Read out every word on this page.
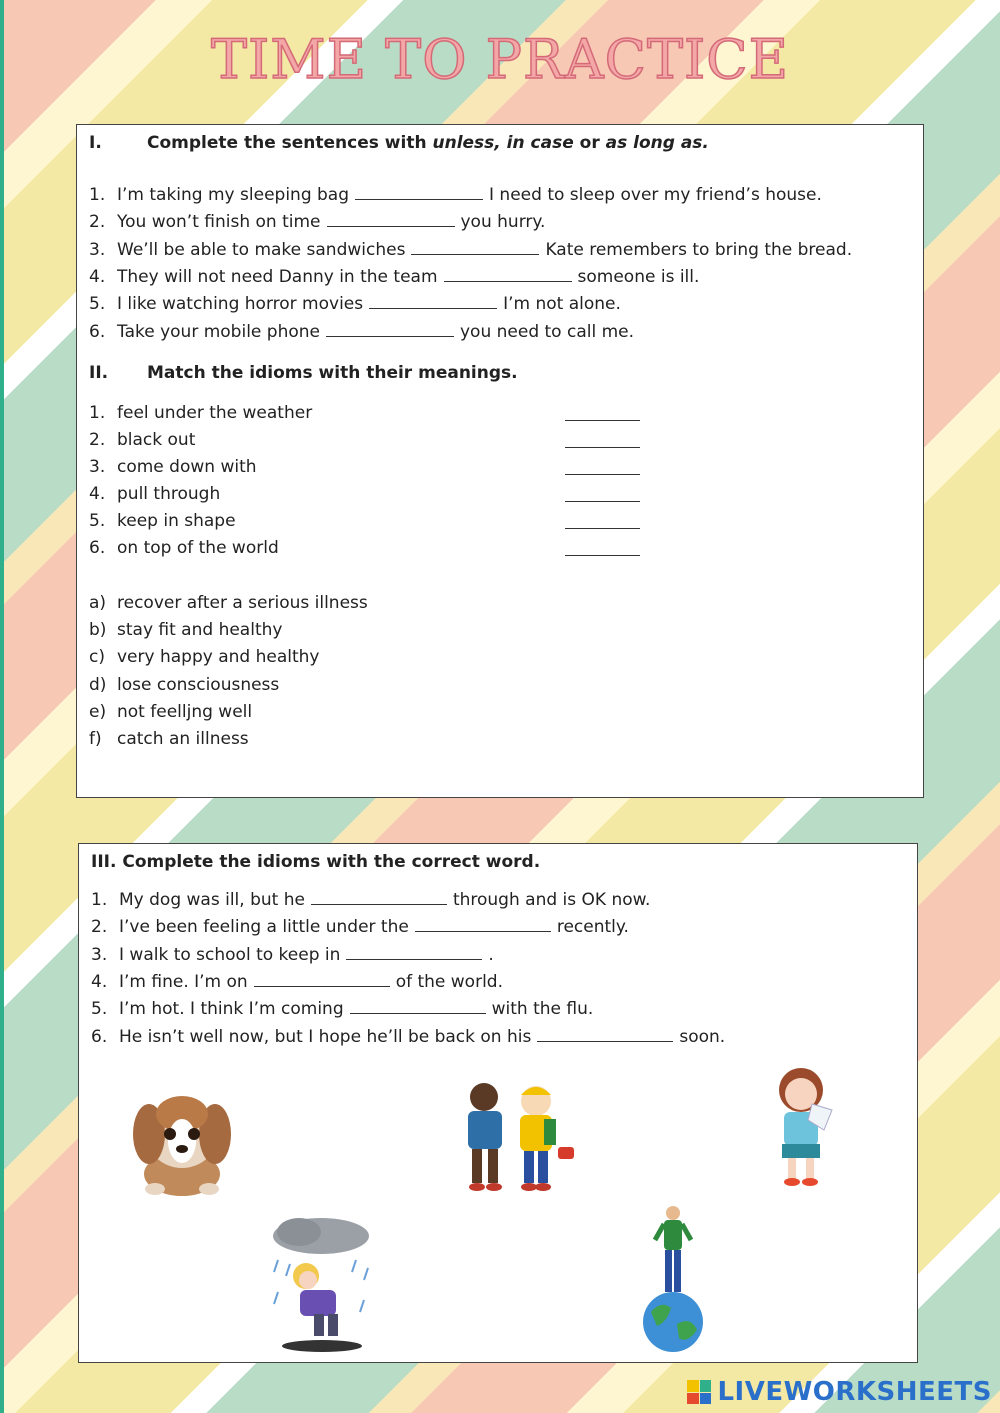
TIME TO PRACTICE
I.	Complete the sentences with unless, in case or as long as.
1. I’m taking my sleeping bag	I need to sleep over my friend’s house.
2. You won’t finish on time	you hurry.
3. We’ll be able to make sandwiches	Kate remembers to bring the bread.
4. They will not need Danny in the team	someone is ill.
5. I like watching horror movies	I’m not alone.
6. Take your mobile phone	you need to call me.
II. Match the idioms with their meanings.
1. feel under the weather
2. black out
3. come down with
4. pull through
5. keep in shape
6. on top of the world
a) recover after a serious illness
b) stay fit and healthy
c) very happy and healthy
d) lose consciousness
e) not feelljng well
f) catch an illness
III. Complete the idioms with the correct word.
1. My dog was ill, but he	through and is OK now.
2. I’ve been feeling a little under the	recently.
3. I walk to school to keep in	.
4. I’m fine. I’m on	of the world.
5. I’m hot. I think I’m coming	with the flu.
6. He isn’t well now, but I hope he’ll be back on his	soon.
LIVEWORKSHEETS
